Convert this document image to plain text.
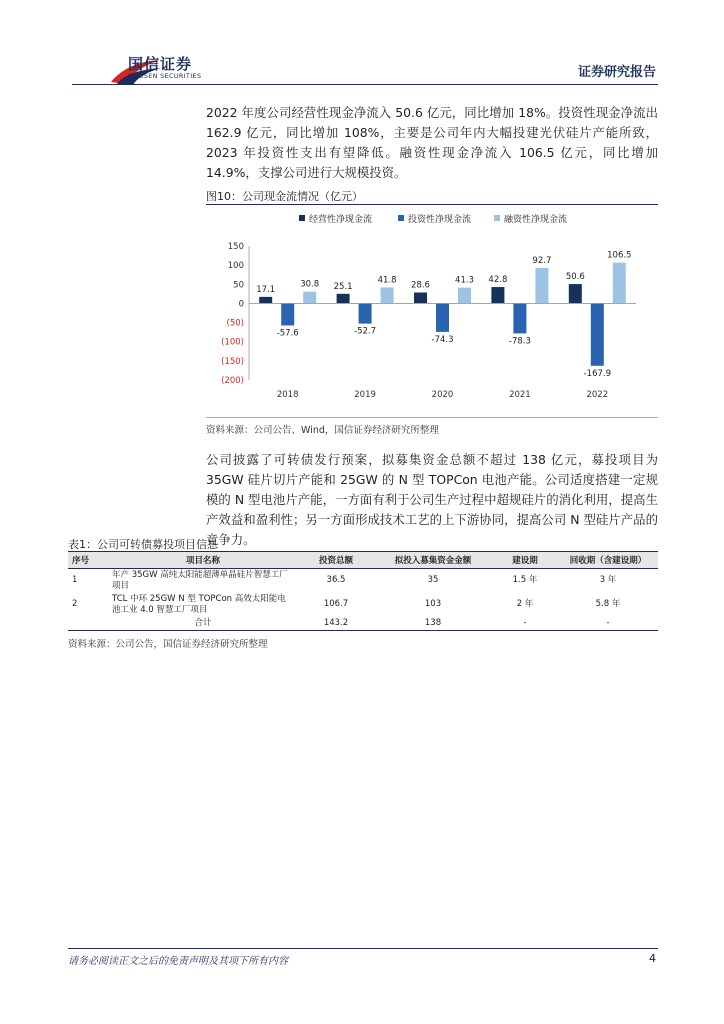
国信证券
GUOSEN SECURITIES	证券研究报告
2022 年度公司经营性现金净流入 50.6 亿元，同比增加 18%。投资性现金净流出 162.9 亿元，同比增加 108%，主要是公司年内大幅投建光伏硅片产能所致，2023 年投资性支出有望降低。融资性现金净流入 106.5 亿元，同比增加 14.9%，支撑公司进行大规模投资。
图10：公司现金流情况（亿元）
经营性净现金流	投资性净现金流	融资性净现金流
150
100
50
0
(50)
(100)
(150)
(200)
17.1
-57.6
30.8 25.1
-52.7
41.8
28.6
-74.3
41.3 42.8
-78.3
92.7
50.6
-167.9
106.5
2018	2019	2020	2021	2022
资料来源：公司公告、Wind，国信证券经济研究所整理
公司披露了可转债发行预案，拟募集资金总额不超过 138 亿元，募投项目为 35GW 硅片切片产能和 25GW 的 N 型 TOPCon 电池产能。公司适度搭建一定规模的 N 型电池片产能，一方面有利于公司生产过程中超规硅片的消化利用，提高生产效益和盈利性；另一方面形成技术工艺的上下游协同，提高公司 N 型硅片产品的竞争力。
表1：公司可转债募投项目信息
序号	项目名称	投资总额	拟投入募集资金金额	建设期	回收期（含建设期）
1	年产 35GW 高纯太阳能超薄单晶硅片智慧工厂项目	36.5	35	1.5 年	3 年
2	TCL 中环 25GW N 型 TOPCon 高效太阳能电池工业 4.0 智慧工厂项目	106.7	103	2 年	5.8 年
	合计	143.2	138	-	-
资料来源：公司公告，国信证券经济研究所整理
请务必阅读正文之后的免责声明及其项下所有内容	4
